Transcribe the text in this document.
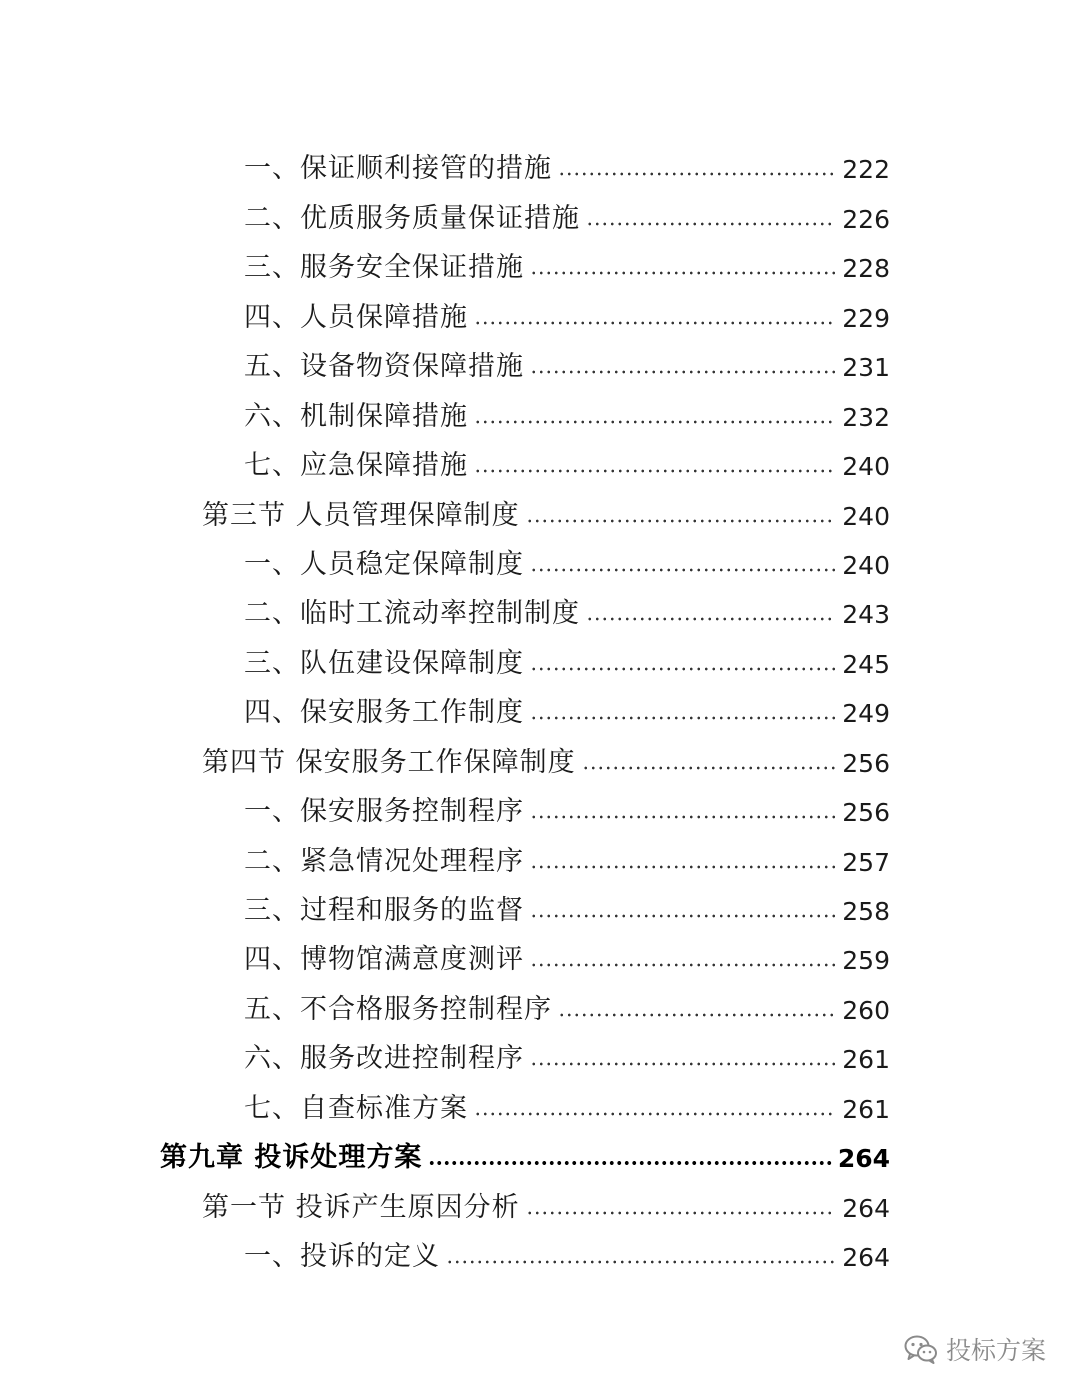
一、保证顺利接管的措施	222
二、优质服务质量保证措施	226
三、服务安全保证措施	228
四、人员保障措施	229
五、设备物资保障措施	231
六、机制保障措施	232
七、应急保障措施	240
第三节 人员管理保障制度	240
一、人员稳定保障制度	240
二、临时工流动率控制制度	243
三、队伍建设保障制度	245
四、保安服务工作制度	249
第四节 保安服务工作保障制度	256
一、保安服务控制程序	256
二、紧急情况处理程序	257
三、过程和服务的监督	258
四、博物馆满意度测评	259
五、不合格服务控制程序	260
六、服务改进控制程序	261
七、自查标准方案	261
第九章 投诉处理方案	264
第一节 投诉产生原因分析	264
一、投诉的定义	264
投标方案
